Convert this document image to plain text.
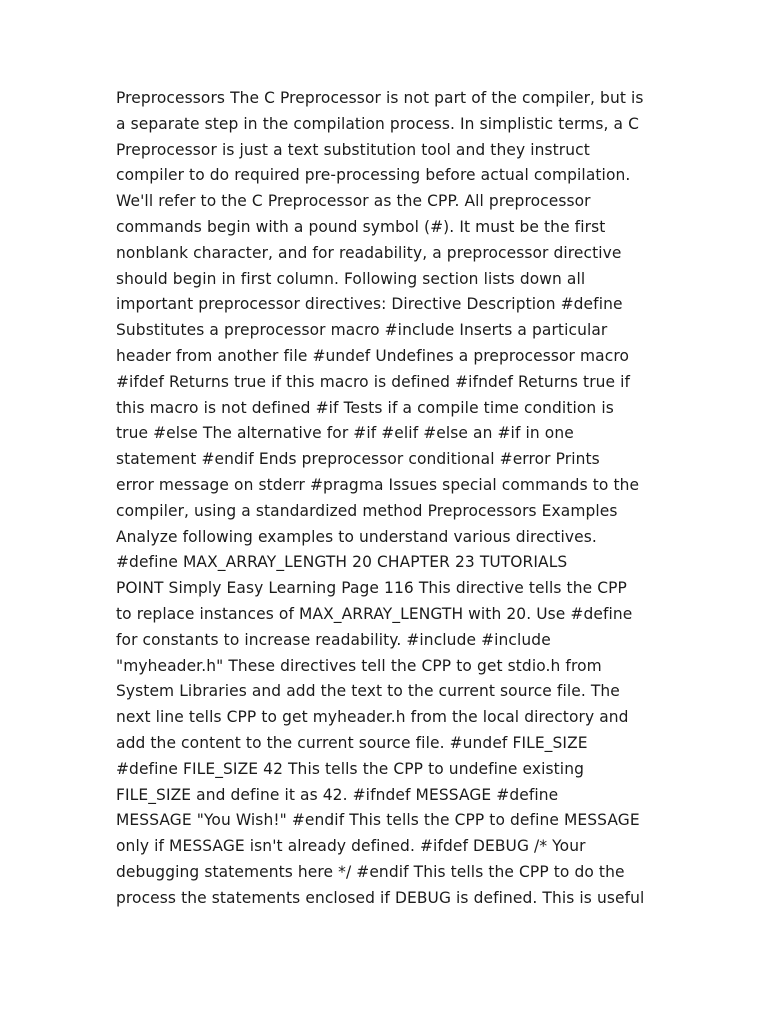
Preprocessors The C Preprocessor is not part of the compiler, but is
a separate step in the compilation process. In simplistic terms, a C
Preprocessor is just a text substitution tool and they instruct
compiler to do required pre-processing before actual compilation.
We'll refer to the C Preprocessor as the CPP. All preprocessor
commands begin with a pound symbol (#). It must be the first
nonblank character, and for readability, a preprocessor directive
should begin in first column. Following section lists down all
important preprocessor directives: Directive Description #define
Substitutes a preprocessor macro #include Inserts a particular
header from another file #undef Undefines a preprocessor macro
#ifdef Returns true if this macro is defined #ifndef Returns true if
this macro is not defined #if Tests if a compile time condition is
true #else The alternative for #if #elif #else an #if in one
statement #endif Ends preprocessor conditional #error Prints
error message on stderr #pragma Issues special commands to the
compiler, using a standardized method Preprocessors Examples
Analyze following examples to understand various directives.
#define MAX_ARRAY_LENGTH 20 CHAPTER 23 TUTORIALS
POINT Simply Easy Learning Page 116 This directive tells the CPP
to replace instances of MAX_ARRAY_LENGTH with 20. Use #define
for constants to increase readability. #include #include
"myheader.h" These directives tell the CPP to get stdio.h from
System Libraries and add the text to the current source file. The
next line tells CPP to get myheader.h from the local directory and
add the content to the current source file. #undef FILE_SIZE
#define FILE_SIZE 42 This tells the CPP to undefine existing
FILE_SIZE and define it as 42. #ifndef MESSAGE #define
MESSAGE "You Wish!" #endif This tells the CPP to define MESSAGE
only if MESSAGE isn't already defined. #ifdef DEBUG /* Your
debugging statements here */ #endif This tells the CPP to do the
process the statements enclosed if DEBUG is defined. This is useful
